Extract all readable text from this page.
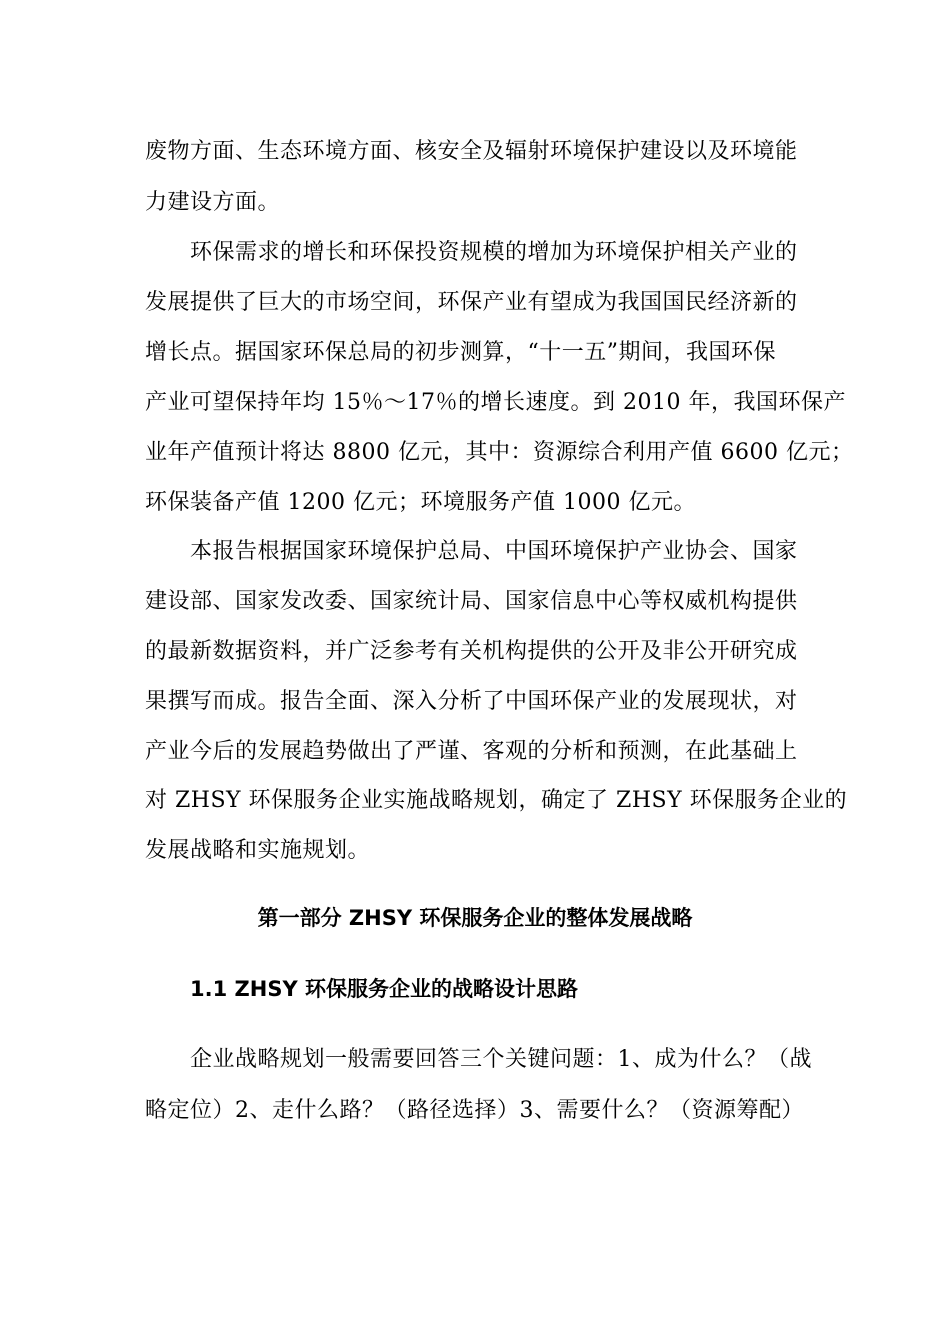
废物方面、生态环境方面、核安全及辐射环境保护建设以及环境能
力建设方面。
环保需求的增长和环保投资规模的增加为环境保护相关产业的
发展提供了巨大的市场空间，环保产业有望成为我国国民经济新的
增长点。据国家环保总局的初步测算，“十一五”期间，我国环保
产业可望保持年均 15％～17％的增长速度。到 2010 年，我国环保产
业年产值预计将达 8800 亿元，其中：资源综合利用产值 6600 亿元；
环保装备产值 1200 亿元；环境服务产值 1000 亿元。
本报告根据国家环境保护总局、中国环境保护产业协会、国家
建设部、国家发改委、国家统计局、国家信息中心等权威机构提供
的最新数据资料，并广泛参考有关机构提供的公开及非公开研究成
果撰写而成。报告全面、深入分析了中国环保产业的发展现状，对
产业今后的发展趋势做出了严谨、客观的分析和预测，在此基础上
对 ZHSY 环保服务企业实施战略规划，确定了 ZHSY 环保服务企业的
发展战略和实施规划。
第一部分 ZHSY 环保服务企业的整体发展战略
1.1 ZHSY 环保服务企业的战略设计思路
企业战略规划一般需要回答三个关键问题：1、成为什么？（战
略定位）2、走什么路？（路径选择）3、需要什么？（资源筹配）
